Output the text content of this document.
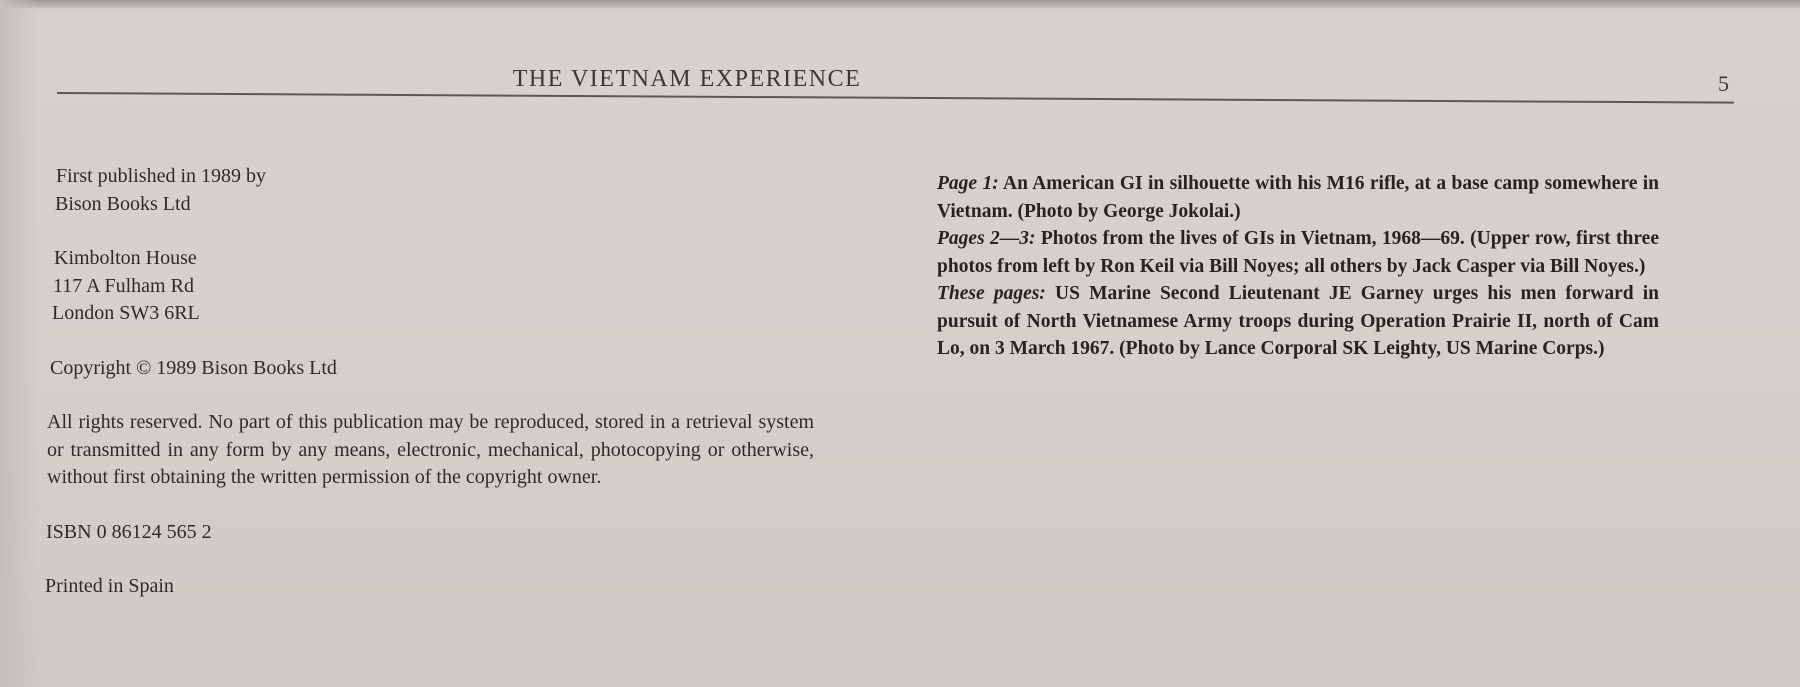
THE VIETNAM EXPERIENCE	5
First published in 1989 by
Bison Books Ltd
Kimbolton House
117 A Fulham Rd
London SW3 6RL
Copyright © 1989 Bison Books Ltd
All rights reserved. No part of this publication may be reproduced, stored in a retrieval system or transmitted in any form by any means, electronic, mechanical, photocopying or otherwise, without first obtaining the written permission of the copyright owner.
ISBN 0 86124 565 2
Printed in Spain
Page 1: An American GI in silhouette with his M16 rifle, at a base camp somewhere in Vietnam. (Photo by George Jokolai.)
Pages 2—3: Photos from the lives of GIs in Vietnam, 1968—69. (Upper row, first three photos from left by Ron Keil via Bill Noyes; all others by Jack Casper via Bill Noyes.)
These pages: US Marine Second Lieutenant JE Garney urges his men forward in pursuit of North Vietnamese Army troops during Operation Prairie II, north of Cam Lo, on 3 March 1967. (Photo by Lance Corporal SK Leighty, US Marine Corps.)
